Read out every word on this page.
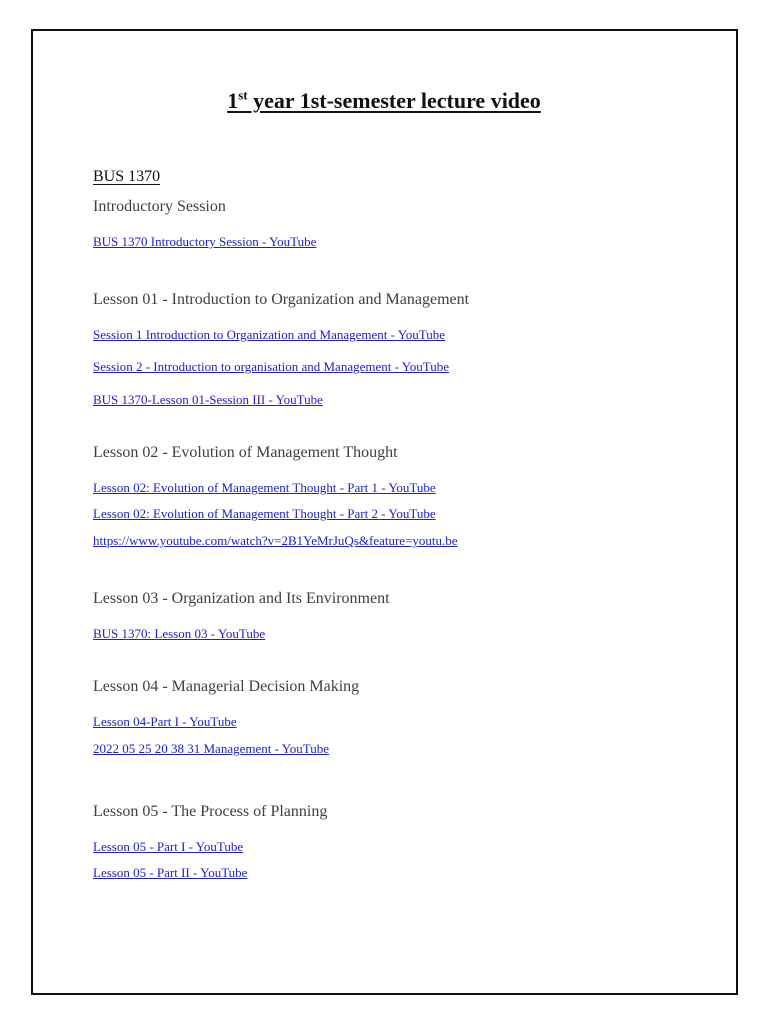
1st year 1st-semester lecture video
BUS 1370
Introductory Session
BUS 1370 Introductory Session - YouTube
Lesson 01 - Introduction to Organization and Management
Session 1 Introduction to Organization and Management - YouTube
Session 2 - Introduction to organisation and Management - YouTube
BUS 1370-Lesson 01-Session III - YouTube
Lesson 02 - Evolution of Management Thought
Lesson 02: Evolution of Management Thought - Part 1 - YouTube
Lesson 02: Evolution of Management Thought - Part 2 - YouTube
https://www.youtube.com/watch?v=2B1YeMrJuQs&feature=youtu.be
Lesson 03 - Organization and Its Environment
BUS 1370: Lesson 03 - YouTube
Lesson 04 - Managerial Decision Making
Lesson 04-Part I - YouTube
2022 05 25 20 38 31 Management - YouTube
Lesson 05 - The Process of Planning
Lesson 05 - Part I - YouTube
Lesson 05 - Part II - YouTube
